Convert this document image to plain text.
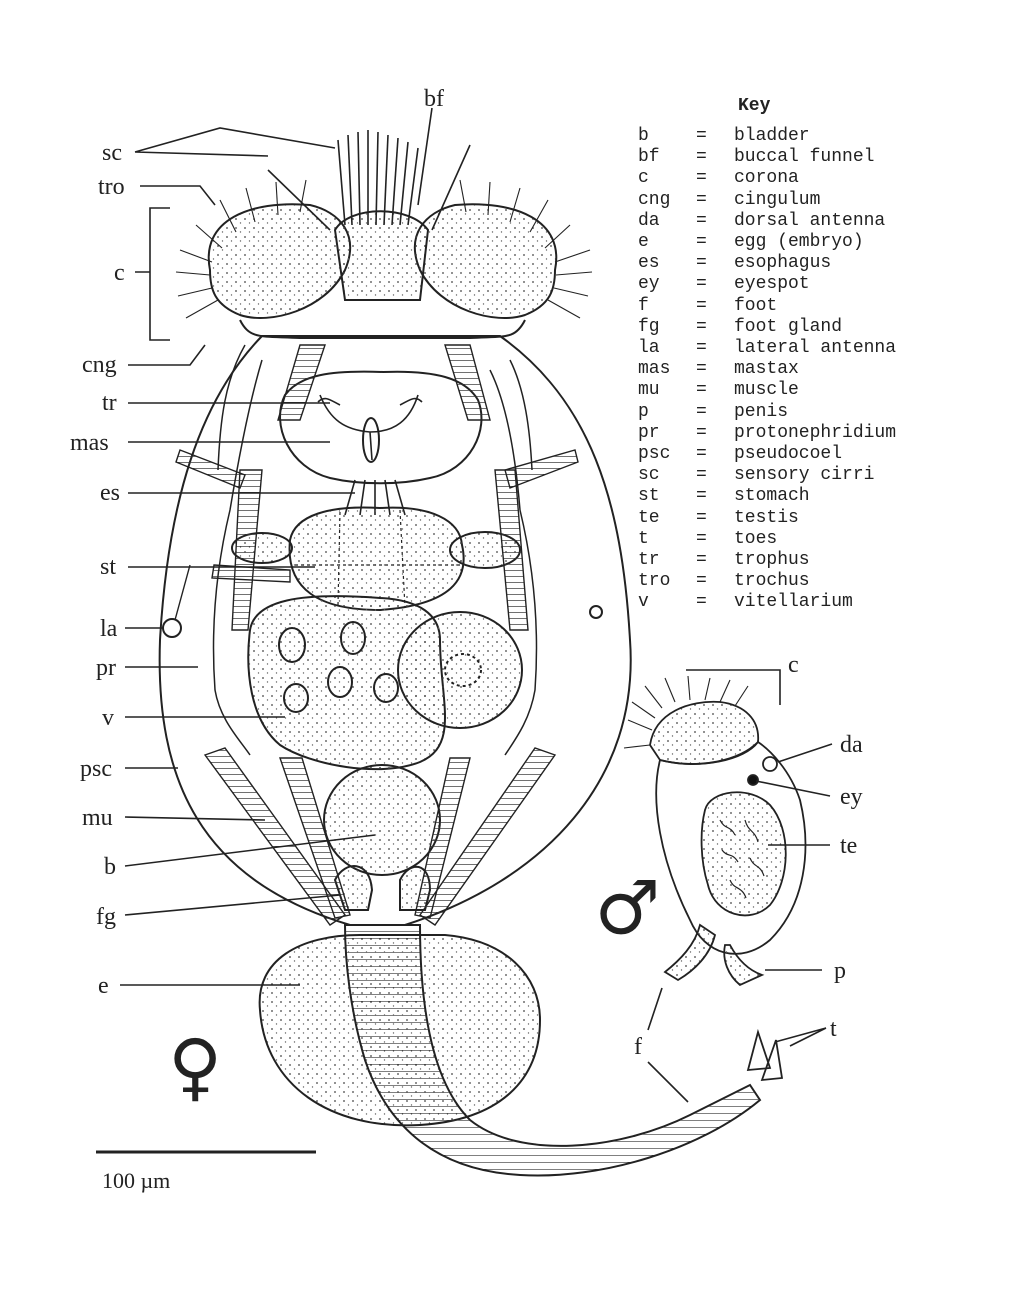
bf
sc
tro
c
cng
tr
mas
es
st
la
pr
v
psc
mu
b
fg
e
♀
c
da
ey
te
p
f
t
♂
100 µm
Key
b	=	bladder
bf	=	buccal funnel
c	=	corona
cng	=	cingulum
da	=	dorsal antenna
e	=	egg (embryo)
es	=	esophagus
ey	=	eyespot
f	=	foot
fg	=	foot gland
la	=	lateral antenna
mas	=	mastax
mu	=	muscle
p	=	penis
pr	=	protonephridium
psc	=	pseudocoel
sc	=	sensory cirri
st	=	stomach
te	=	testis
t	=	toes
tr	=	trophus
tro	=	trochus
v	=	vitellarium
